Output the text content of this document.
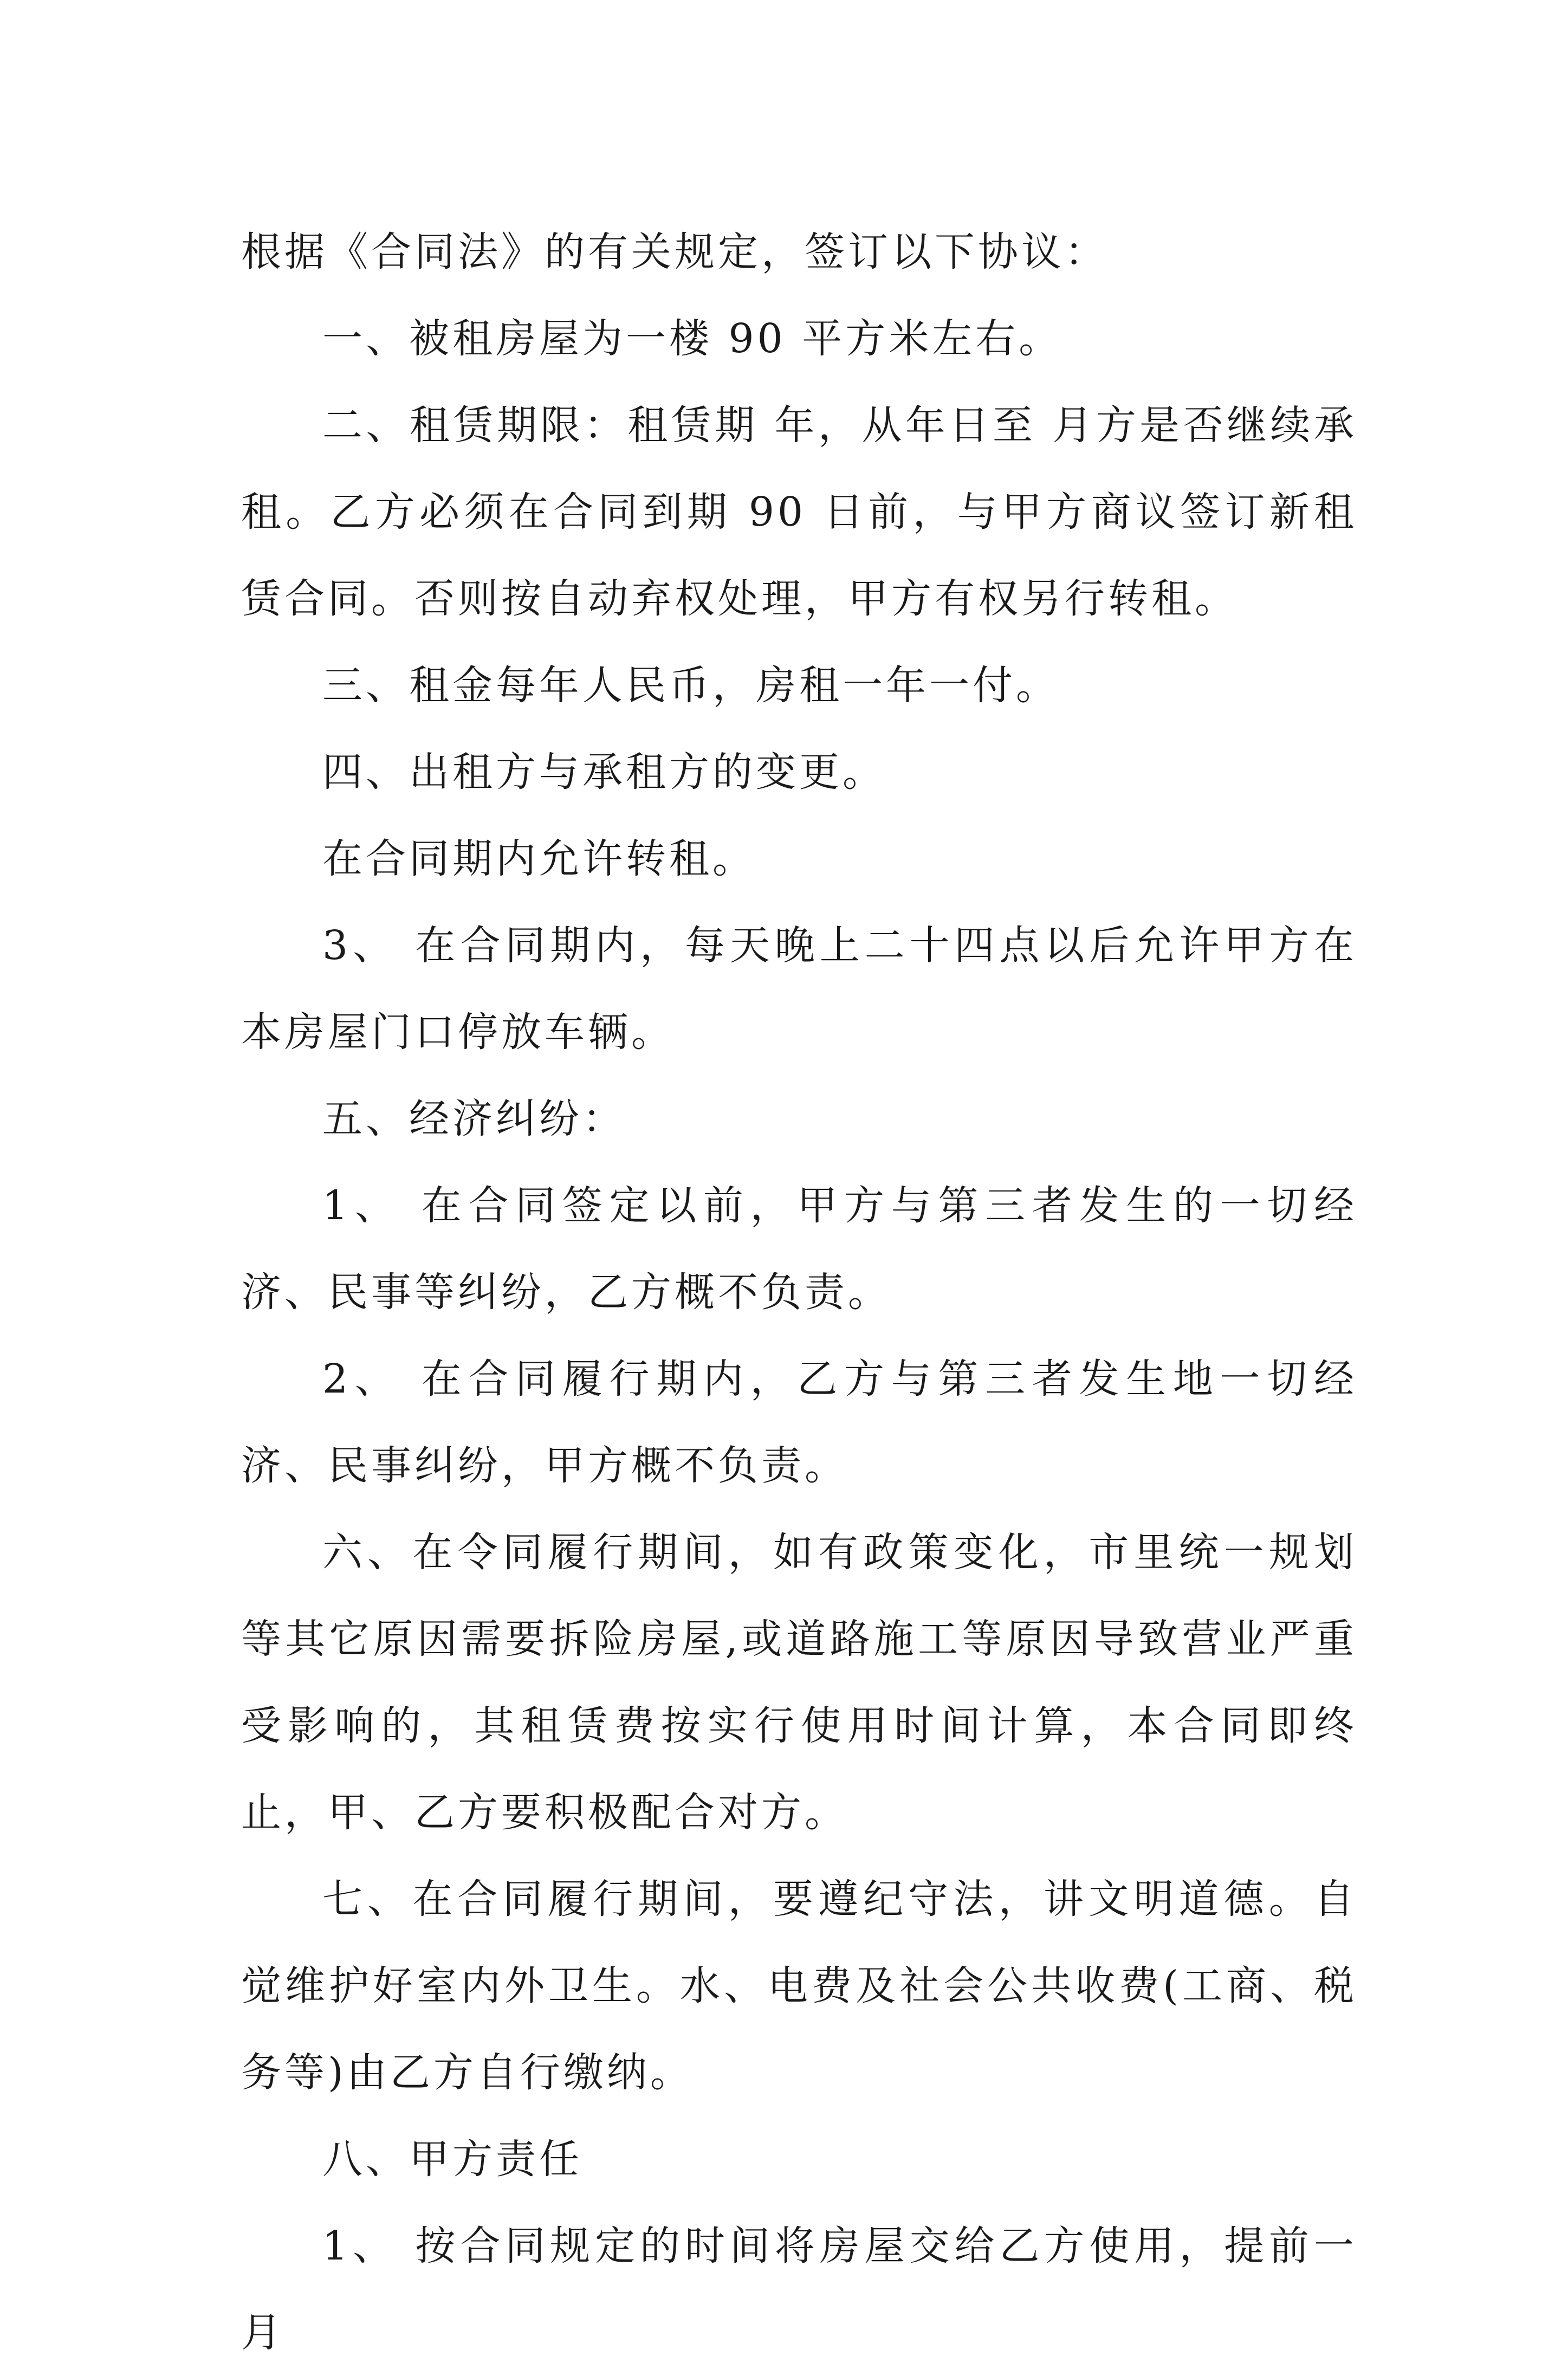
根据《合同法》的有关规定，签订以下协议：

一、被租房屋为一楼 90 平方米左右。

二、租赁期限：租赁期 年，从年日至 月方是否继续承租。乙方必须在合同到期 90 日前，与甲方商议签订新租赁合同。否则按自动弃权处理，甲方有权另行转租。

三、租金每年人民币，房租一年一付。

四、出租方与承租方的变更。

在合同期内允许转租。

3、 在合同期内，每天晚上二十四点以后允许甲方在本房屋门口停放车辆。

五、经济纠纷：

1、 在合同签定以前，甲方与第三者发生的一切经济、民事等纠纷，乙方概不负责。

2、 在合同履行期内，乙方与第三者发生地一切经济、民事纠纷，甲方概不负责。

六、在令同履行期间，如有政策变化，市里统一规划等其它原因需要拆险房屋,或道路施工等原因导致营业严重受影响的，其租赁费按实行使用时间计算，本合同即终止，甲、乙方要积极配合对方。

七、在合同履行期间，要遵纪守法，讲文明道德。自觉维护好室内外卫生。水、电费及社会公共收费(工商、税务等)由乙方自行缴纳。

八、甲方责任

1、 按合同规定的时间将房屋交给乙方使用，提前一月
